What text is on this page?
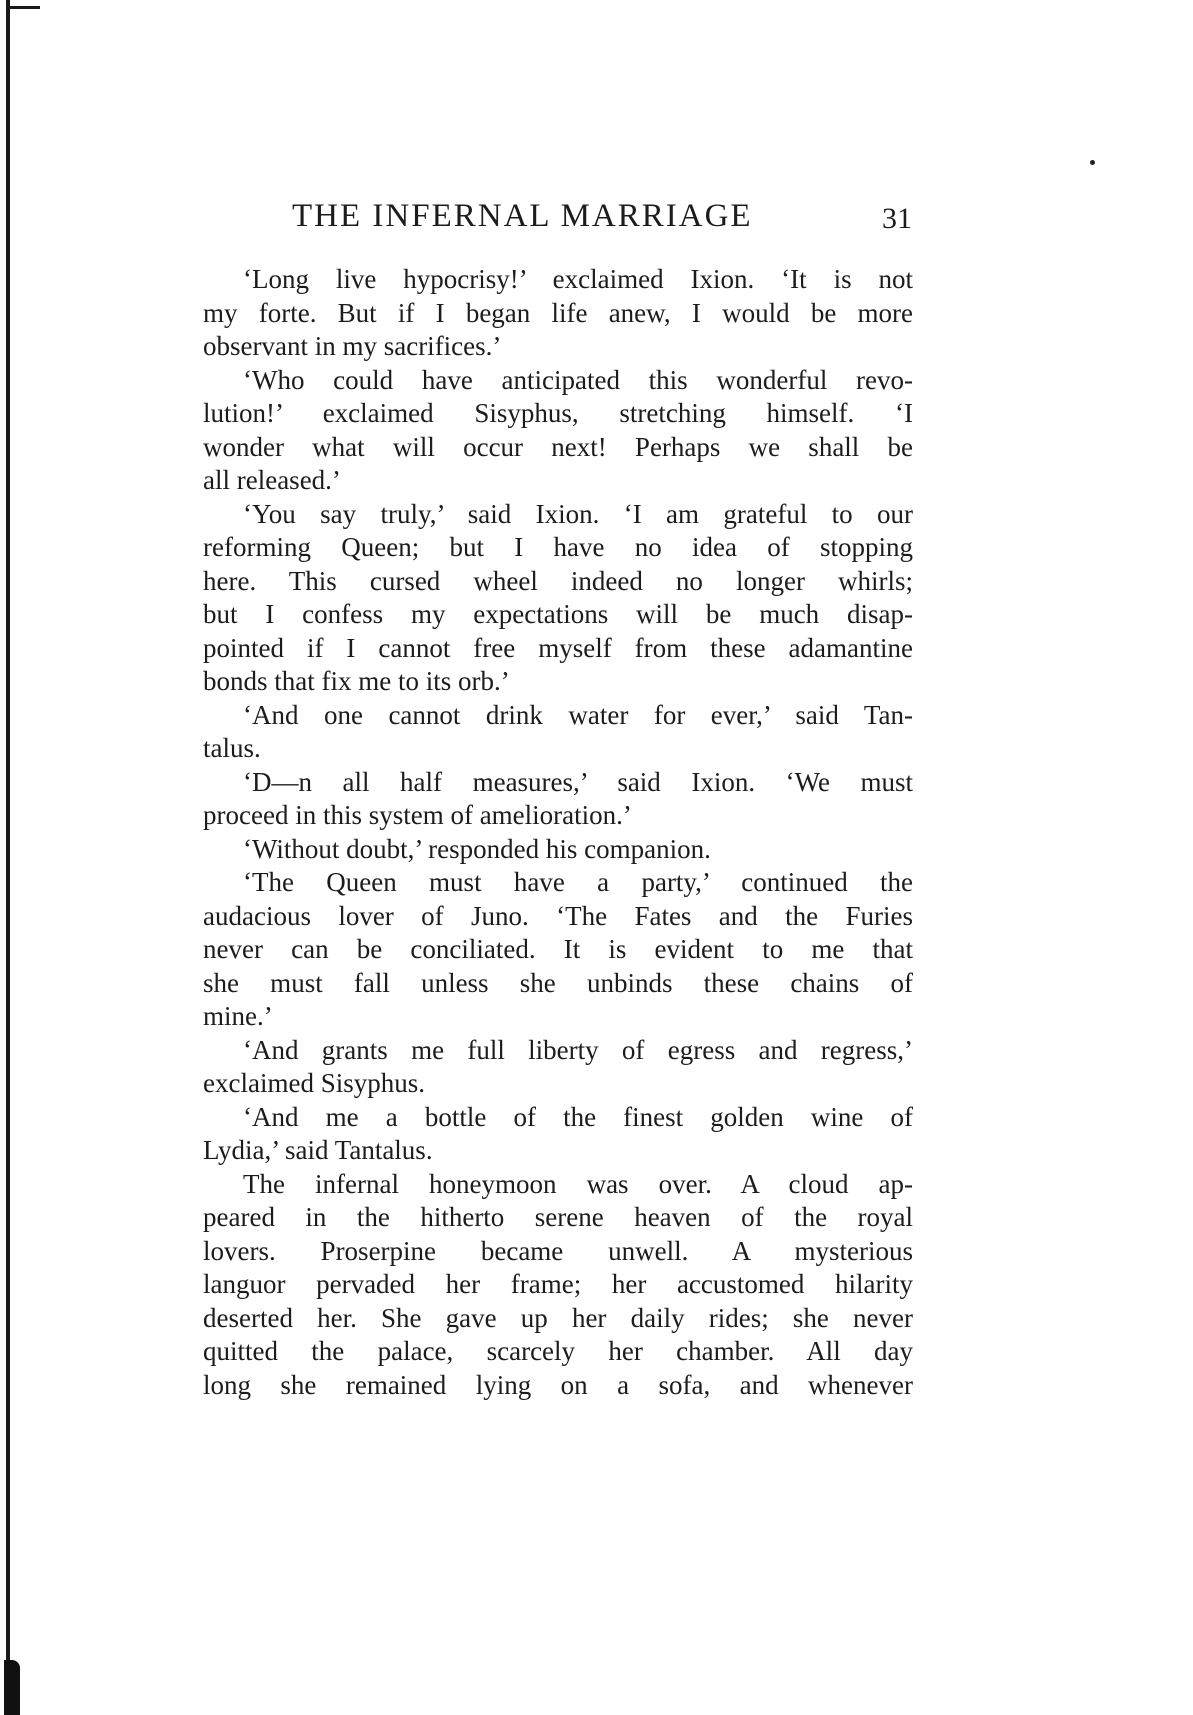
THE INFERNAL MARRIAGE	31
‘Long live hypocrisy!’ exclaimed Ixion. ‘It is not
my forte. But if I began life anew, I would be more
observant in my sacrifices.’
‘Who could have anticipated this wonderful revo-
lution!’ exclaimed Sisyphus, stretching himself. ‘I
wonder what will occur next! Perhaps we shall be
all released.’
‘You say truly,’ said Ixion. ‘I am grateful to our
reforming Queen; but I have no idea of stopping
here. This cursed wheel indeed no longer whirls;
but I confess my expectations will be much disap-
pointed if I cannot free myself from these adamantine
bonds that fix me to its orb.’
‘And one cannot drink water for ever,’ said Tan-
talus.
‘D—n all half measures,’ said Ixion. ‘We must
proceed in this system of amelioration.’
‘Without doubt,’ responded his companion.
‘The Queen must have a party,’ continued the
audacious lover of Juno. ‘The Fates and the Furies
never can be conciliated. It is evident to me that
she must fall unless she unbinds these chains of
mine.’
‘And grants me full liberty of egress and regress,’
exclaimed Sisyphus.
‘And me a bottle of the finest golden wine of
Lydia,’ said Tantalus.
The infernal honeymoon was over. A cloud ap-
peared in the hitherto serene heaven of the royal
lovers. Proserpine became unwell. A mysterious
languor pervaded her frame; her accustomed hilarity
deserted her. She gave up her daily rides; she never
quitted the palace, scarcely her chamber. All day
long she remained lying on a sofa, and whenever
